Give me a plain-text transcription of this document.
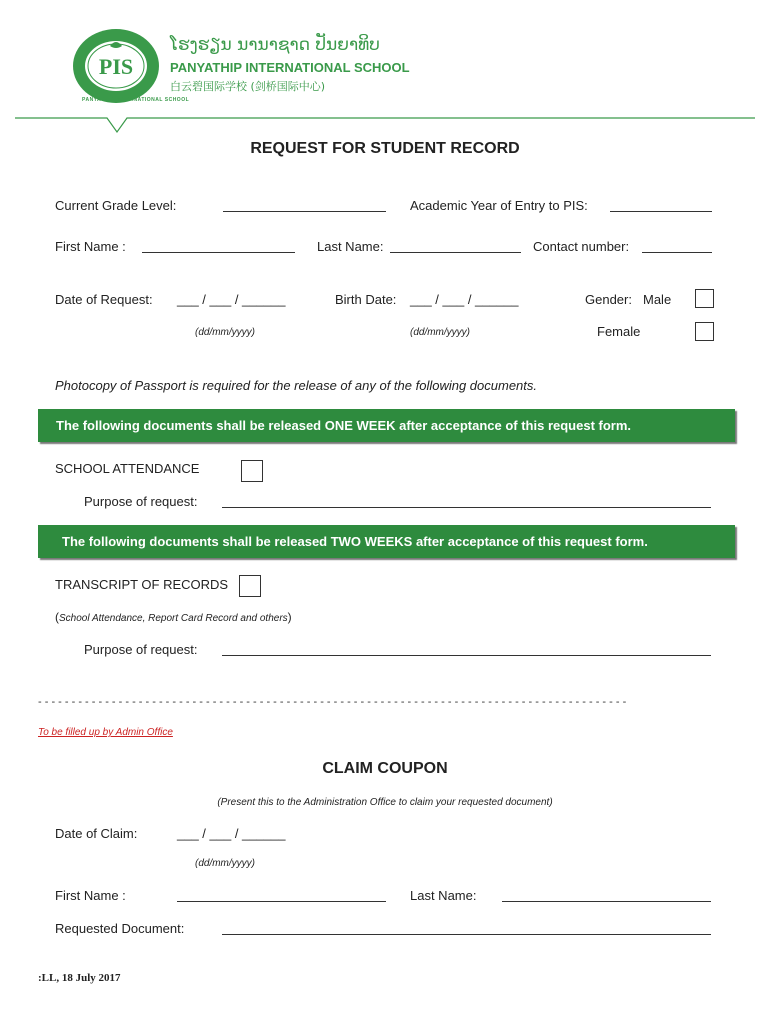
PIS
PANYATHIP INTERNATIONAL SCHOOL
ໂຮງຮຽນ ນານາຊາດ ປັນຍາທິບ
PANYATHIP INTERNATIONAL SCHOOL
白云碧国际学校 (剑桥国际中心)
REQUEST FOR STUDENT RECORD
Current Grade Level:	Academic Year of Entry to PIS:
First Name :	Last Name:	Contact number:
Date of Request: ___ / ___ / ______	Birth Date: ___ / ___ / ______	Gender: Male
(dd/mm/yyyy)	(dd/mm/yyyy)	Female
Photocopy of Passport is required for the release of any of the following documents.
The following documents shall be released ONE WEEK after acceptance of this request form.
SCHOOL ATTENDANCE
Purpose of request:
The following documents shall be released TWO WEEKS after acceptance of this request form.
TRANSCRIPT OF RECORDS
(School Attendance, Report Card Record and others)
Purpose of request:
- - - - - - - - - - - - - - - - - - - - - - - - - - - - - - - - - - - - - - - - - - - - - - - - - - - - - - - - - - - - - - - - - - - - - - - - - - - - - - - - - - - - - - - -
To be filled up by Admin Office
CLAIM COUPON
(Present this to the Administration Office to claim your requested document)
Date of Claim:	___ / ___ / ______
(dd/mm/yyyy)
First Name :	Last Name:
Requested Document:
:LL, 18 July 2017
